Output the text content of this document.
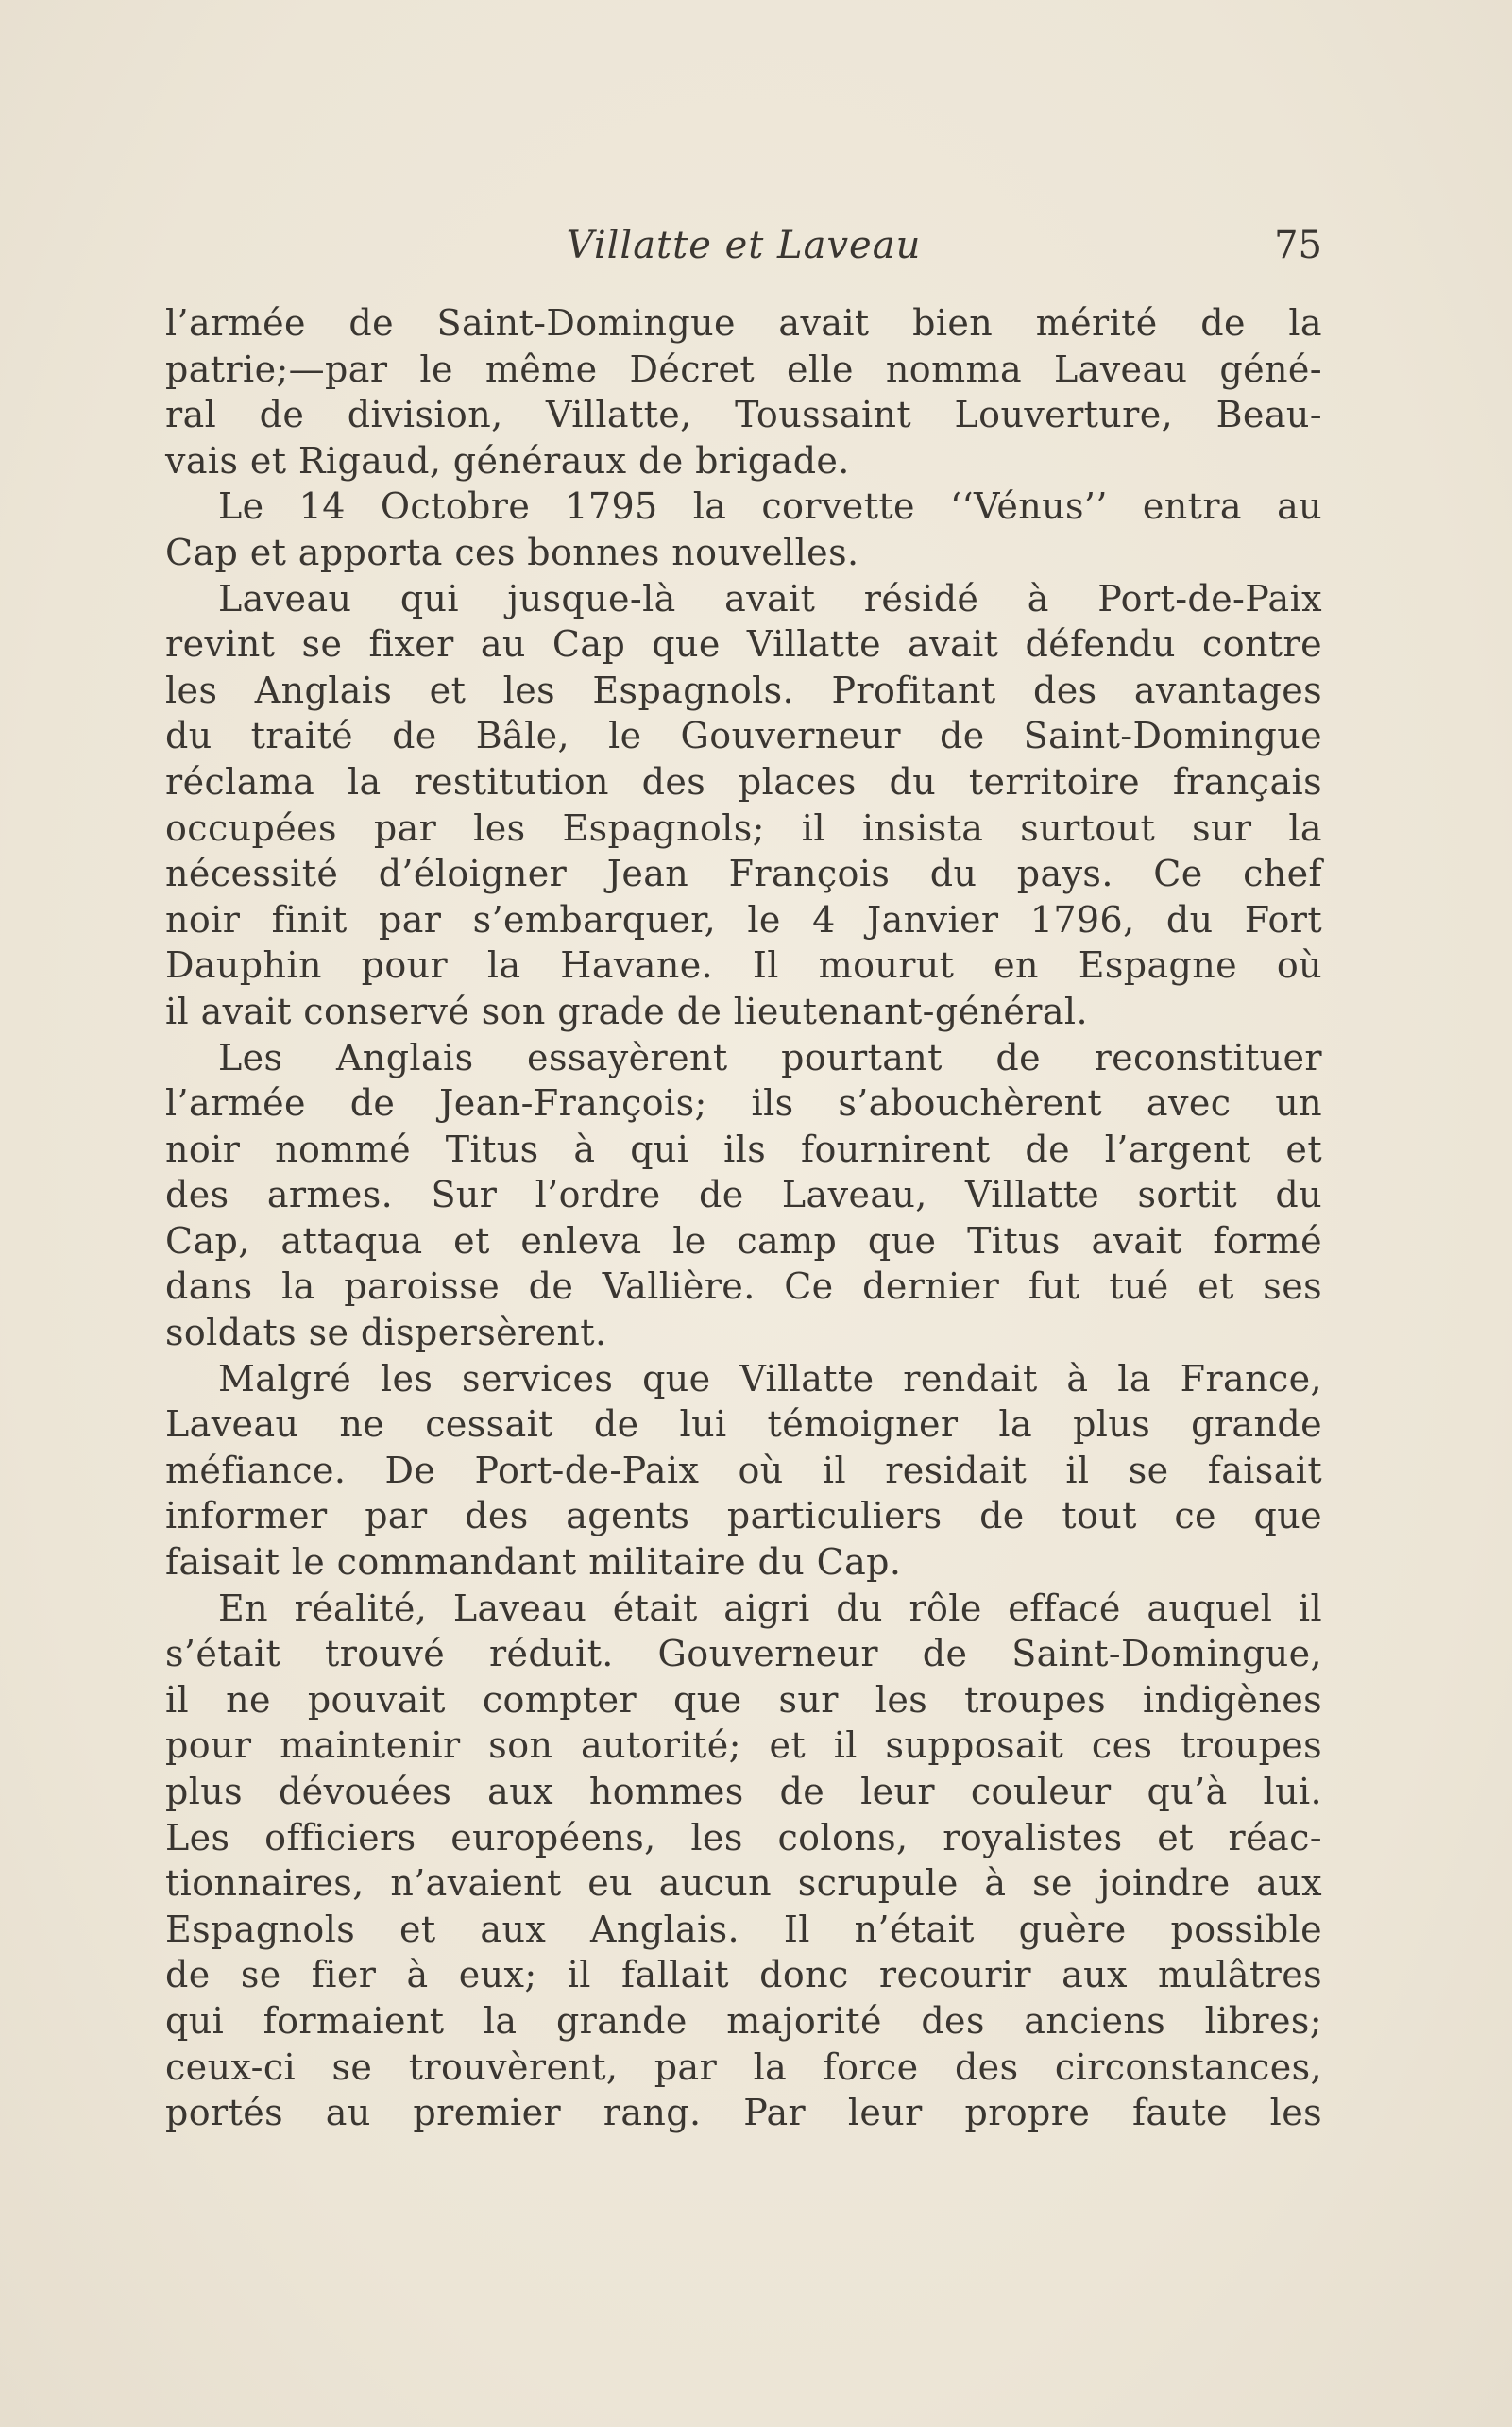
Villatte et Laveau	75
l’armée de Saint-Domingue avait bien mérité de la
patrie;—par le même Décret elle nomma Laveau géné-
ral de division, Villatte, Toussaint Louverture, Beau-
vais et Rigaud, généraux de brigade.
Le 14 Octobre 1795 la corvette ‘‘Vénus’’ entra au
Cap et apporta ces bonnes nouvelles.
Laveau qui jusque-là avait résidé à Port-de-Paix
revint se fixer au Cap que Villatte avait défendu contre
les Anglais et les Espagnols. Profitant des avantages
du traité de Bâle, le Gouverneur de Saint-Domingue
réclama la restitution des places du territoire français
occupées par les Espagnols; il insista surtout sur la
nécessité d’éloigner Jean François du pays. Ce chef
noir finit par s’embarquer, le 4 Janvier 1796, du Fort
Dauphin pour la Havane. Il mourut en Espagne où
il avait conservé son grade de lieutenant-général.
Les Anglais essayèrent pourtant de reconstituer
l’armée de Jean-François; ils s’abouchèrent avec un
noir nommé Titus à qui ils fournirent de l’argent et
des armes. Sur l’ordre de Laveau, Villatte sortit du
Cap, attaqua et enleva le camp que Titus avait formé
dans la paroisse de Vallière. Ce dernier fut tué et ses
soldats se dispersèrent.
Malgré les services que Villatte rendait à la France,
Laveau ne cessait de lui témoigner la plus grande
méfiance. De Port-de-Paix où il residait il se faisait
informer par des agents particuliers de tout ce que
faisait le commandant militaire du Cap.
En réalité, Laveau était aigri du rôle effacé auquel il
s’était trouvé réduit. Gouverneur de Saint-Domingue,
il ne pouvait compter que sur les troupes indigènes
pour maintenir son autorité; et il supposait ces troupes
plus dévouées aux hommes de leur couleur qu’à lui.
Les officiers européens, les colons, royalistes et réac-
tionnaires, n’avaient eu aucun scrupule à se joindre aux
Espagnols et aux Anglais. Il n’était guère possible
de se fier à eux; il fallait donc recourir aux mulâtres
qui formaient la grande majorité des anciens libres;
ceux-ci se trouvèrent, par la force des circonstances,
portés au premier rang. Par leur propre faute les
